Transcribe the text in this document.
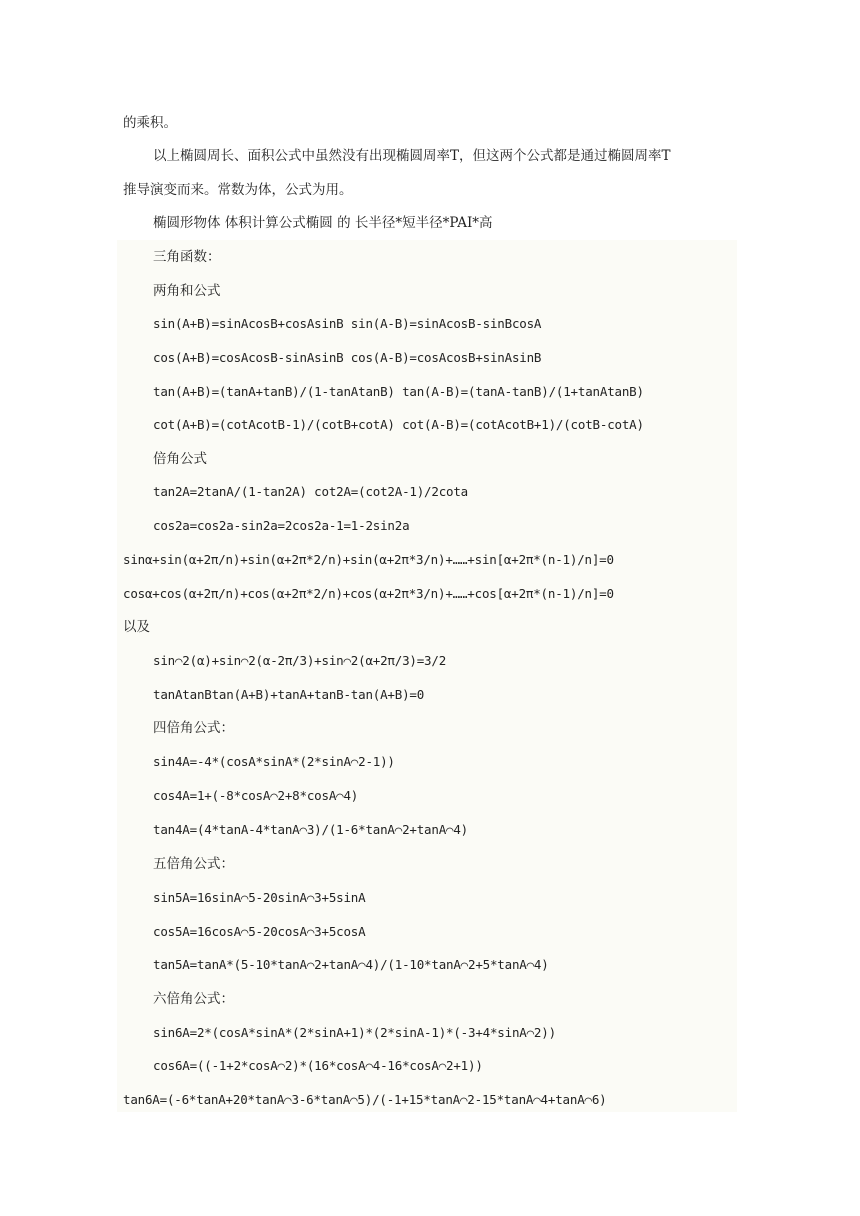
的乘积。
以上椭圆周长、面积公式中虽然没有出现椭圆周率T，但这两个公式都是通过椭圆周率T
推导演变而来。常数为体，公式为用。
椭圆形物体 体积计算公式椭圆 的 长半径*短半径*PAI*高
三角函数：
两角和公式
sin(A+B)=sinAcosB+cosAsinB sin(A-B)=sinAcosB-sinBcosA
cos(A+B)=cosAcosB-sinAsinB cos(A-B)=cosAcosB+sinAsinB
tan(A+B)=(tanA+tanB)/(1-tanAtanB) tan(A-B)=(tanA-tanB)/(1+tanAtanB)
cot(A+B)=(cotAcotB-1)/(cotB+cotA) cot(A-B)=(cotAcotB+1)/(cotB-cotA)
倍角公式
tan2A=2tanA/(1-tan2A) cot2A=(cot2A-1)/2cota
cos2a=cos2a-sin2a=2cos2a-1=1-2sin2a
sinα+sin(α+2π/n)+sin(α+2π*2/n)+sin(α+2π*3/n)+……+sin[α+2π*(n-1)/n]=0
cosα+cos(α+2π/n)+cos(α+2π*2/n)+cos(α+2π*3/n)+……+cos[α+2π*(n-1)/n]=0
以及
sin⌒2(α)+sin⌒2(α-2π/3)+sin⌒2(α+2π/3)=3/2
tanAtanBtan(A+B)+tanA+tanB-tan(A+B)=0
四倍角公式：
sin4A=-4*(cosA*sinA*(2*sinA⌒2-1))
cos4A=1+(-8*cosA⌒2+8*cosA⌒4)
tan4A=(4*tanA-4*tanA⌒3)/(1-6*tanA⌒2+tanA⌒4)
五倍角公式：
sin5A=16sinA⌒5-20sinA⌒3+5sinA
cos5A=16cosA⌒5-20cosA⌒3+5cosA
tan5A=tanA*(5-10*tanA⌒2+tanA⌒4)/(1-10*tanA⌒2+5*tanA⌒4)
六倍角公式：
sin6A=2*(cosA*sinA*(2*sinA+1)*(2*sinA-1)*(-3+4*sinA⌒2))
cos6A=((-1+2*cosA⌒2)*(16*cosA⌒4-16*cosA⌒2+1))
tan6A=(-6*tanA+20*tanA⌒3-6*tanA⌒5)/(-1+15*tanA⌒2-15*tanA⌒4+tanA⌒6)
